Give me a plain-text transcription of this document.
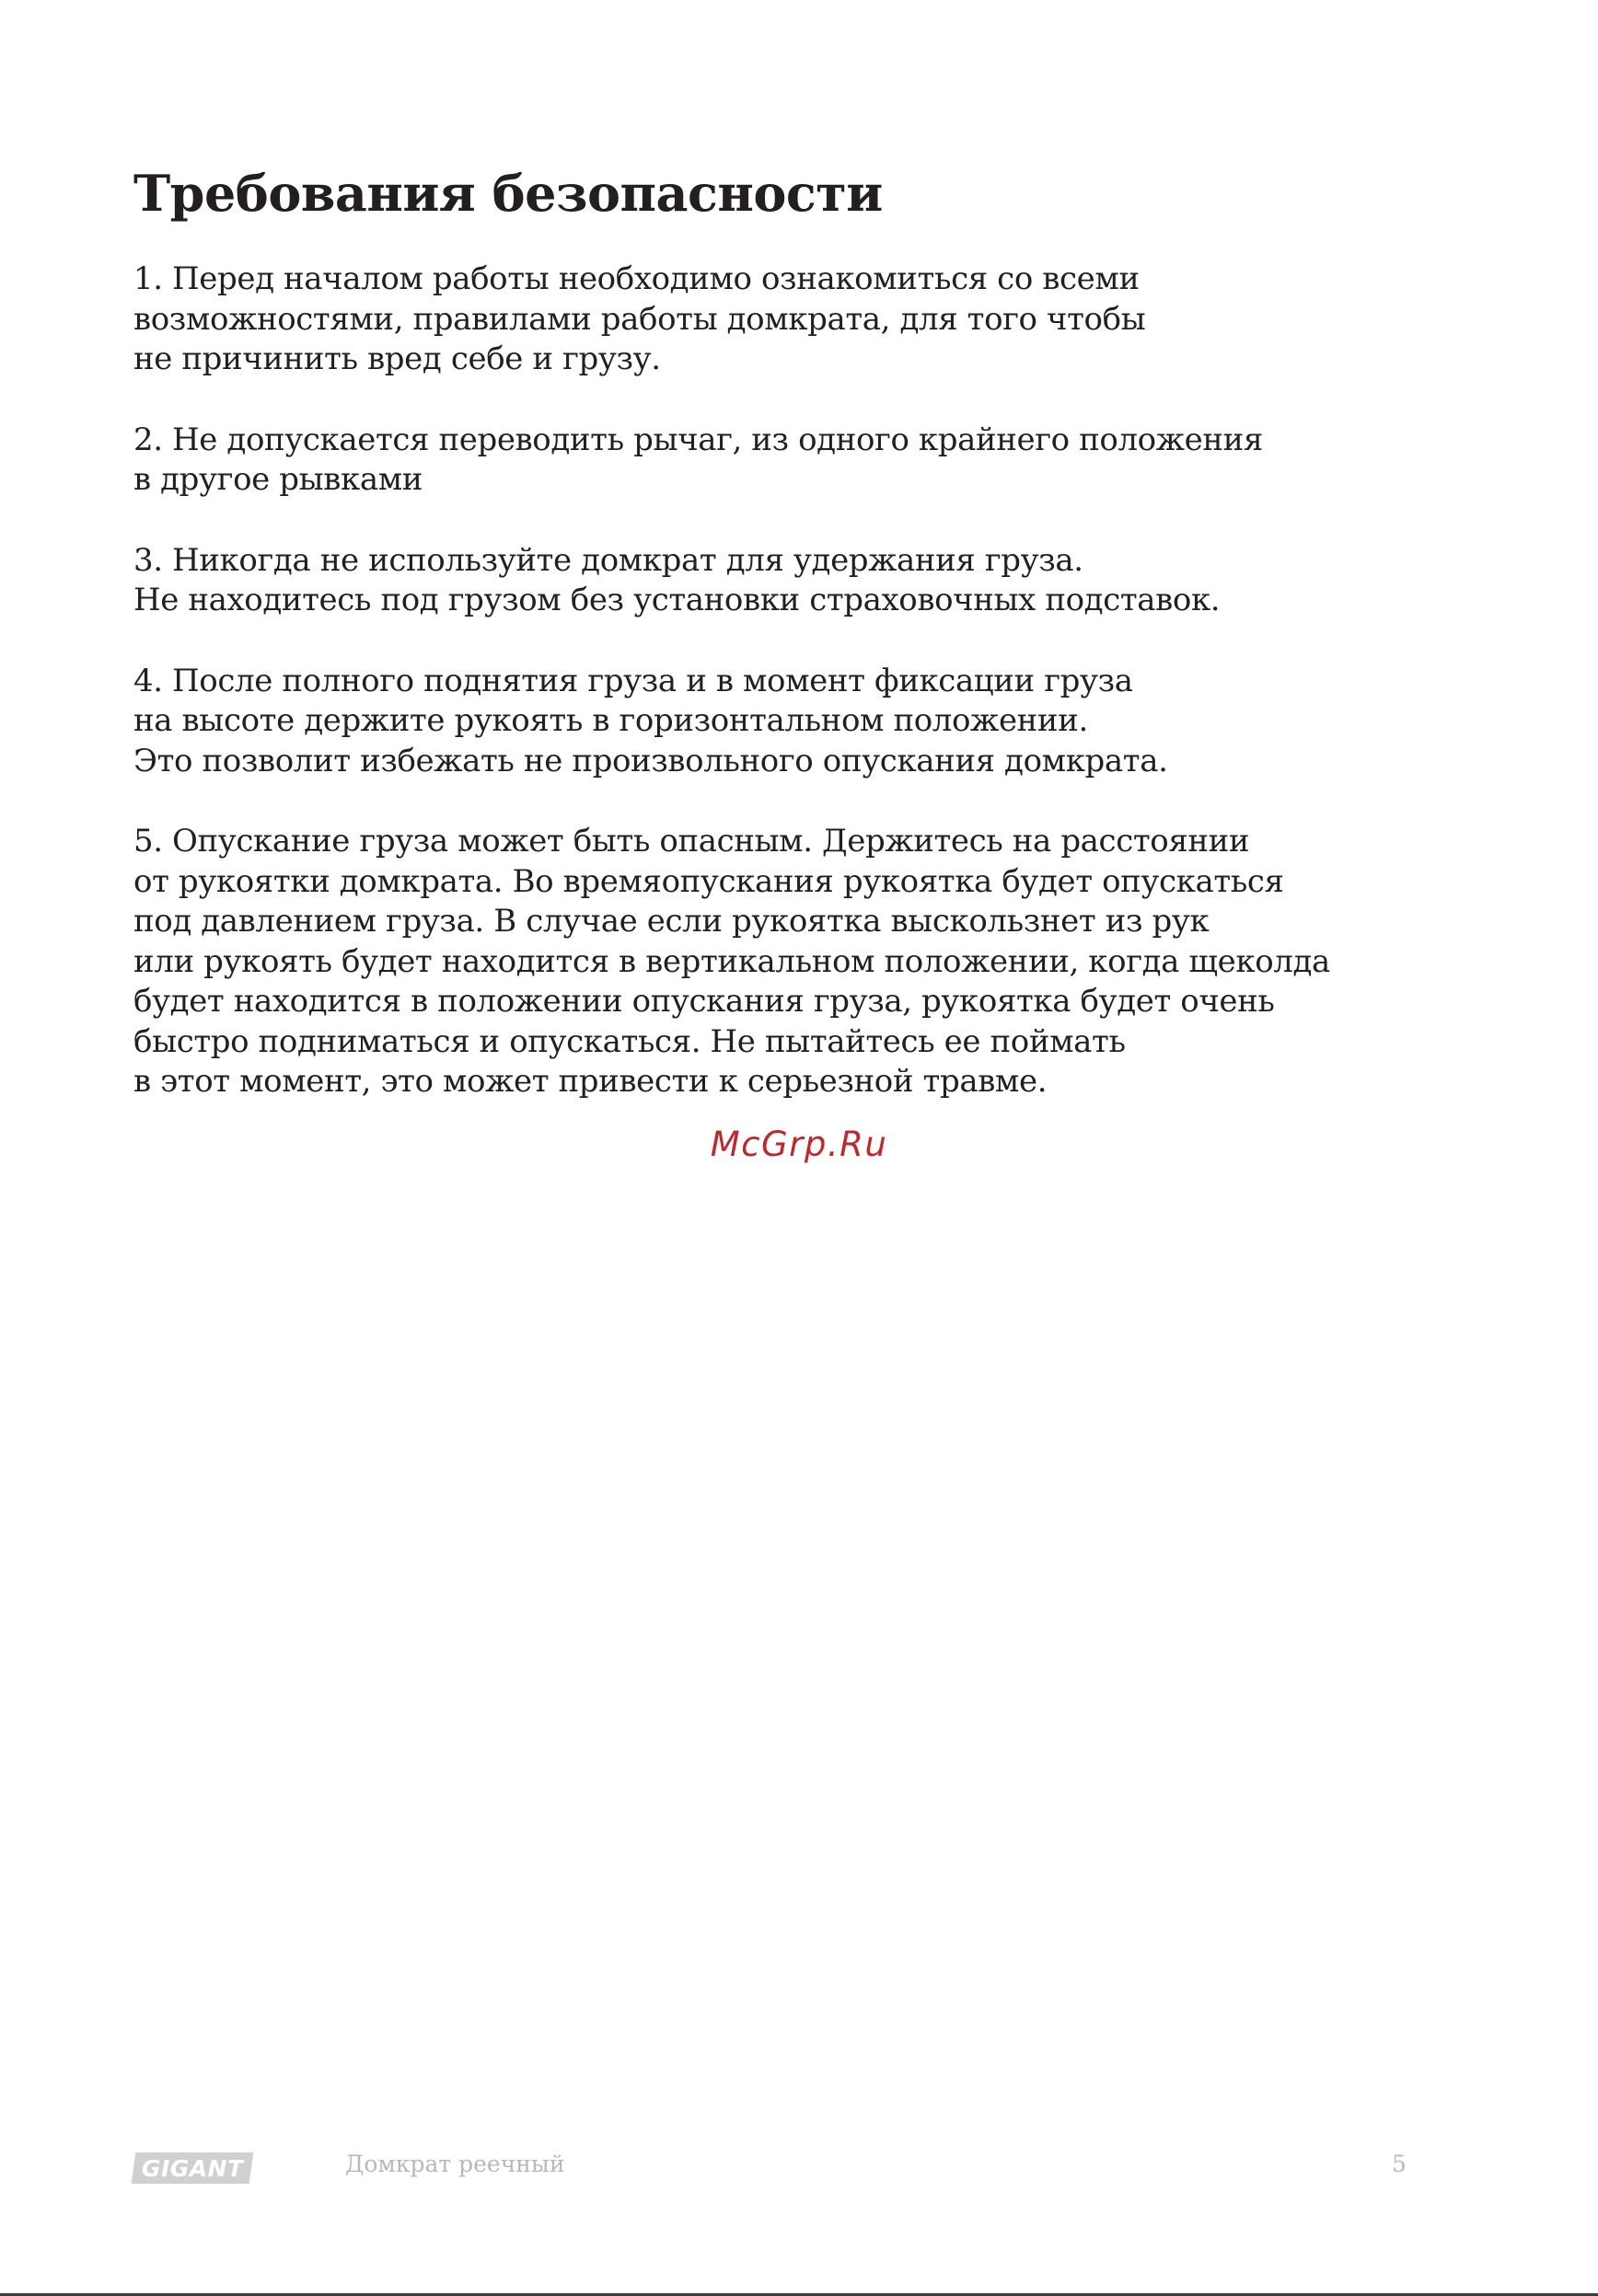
Требования безопасности

1. Перед началом работы необходимо ознакомиться со всеми
возможностями, правилами работы домкрата, для того чтобы
не причинить вред себе и грузу.

2. Не допускается переводить рычаг, из одного крайнего положения
в другое рывками

3. Никогда не используйте домкрат для удержания груза.
Не находитесь под грузом без установки страховочных подставок.

4. После полного поднятия груза и в момент фиксации груза
на высоте держите рукоять в горизонтальном положении.
Это позволит избежать не произвольного опускания домкрата.

5. Опускание груза может быть опасным. Держитесь на расстоянии
от рукоятки домкрата. Во времяопускания рукоятка будет опускаться
под давлением груза. В случае если рукоятка выскользнет из рук
или рукоять будет находится в вертикальном положении, когда щеколда
будет находится в положении опускания груза, рукоятка будет очень
быстро подниматься и опускаться. Не пытайтесь ее поймать
в этот момент, это может привести к серьезной травме.

McGrp.Ru
GIGANT	Домкрат реечный	5
